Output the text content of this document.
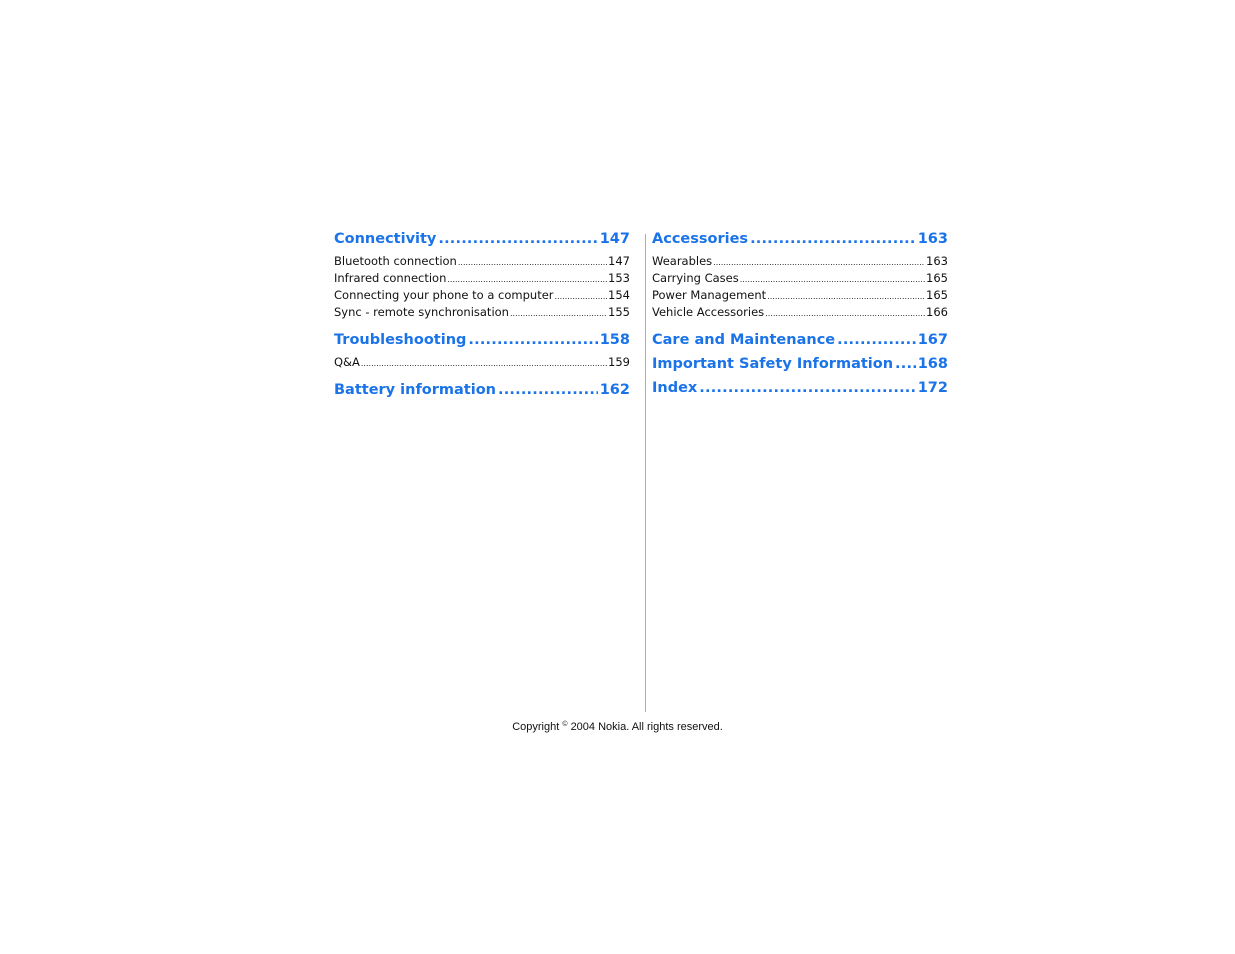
Connectivity .....	147
Bluetooth connection .....	147
Infrared connection .....	153
Connecting your phone to a computer .....	154
Sync - remote synchronisation .....	155
Troubleshooting .....	158
Q&A .....	159
Battery information .....	162
Accessories .....	163
Wearables .....	163
Carrying Cases .....	165
Power Management .....	165
Vehicle Accessories .....	166
Care and Maintenance .....	167
Important Safety Information ..... 168
Index .....	172
Copyright © 2004 Nokia. All rights reserved.
